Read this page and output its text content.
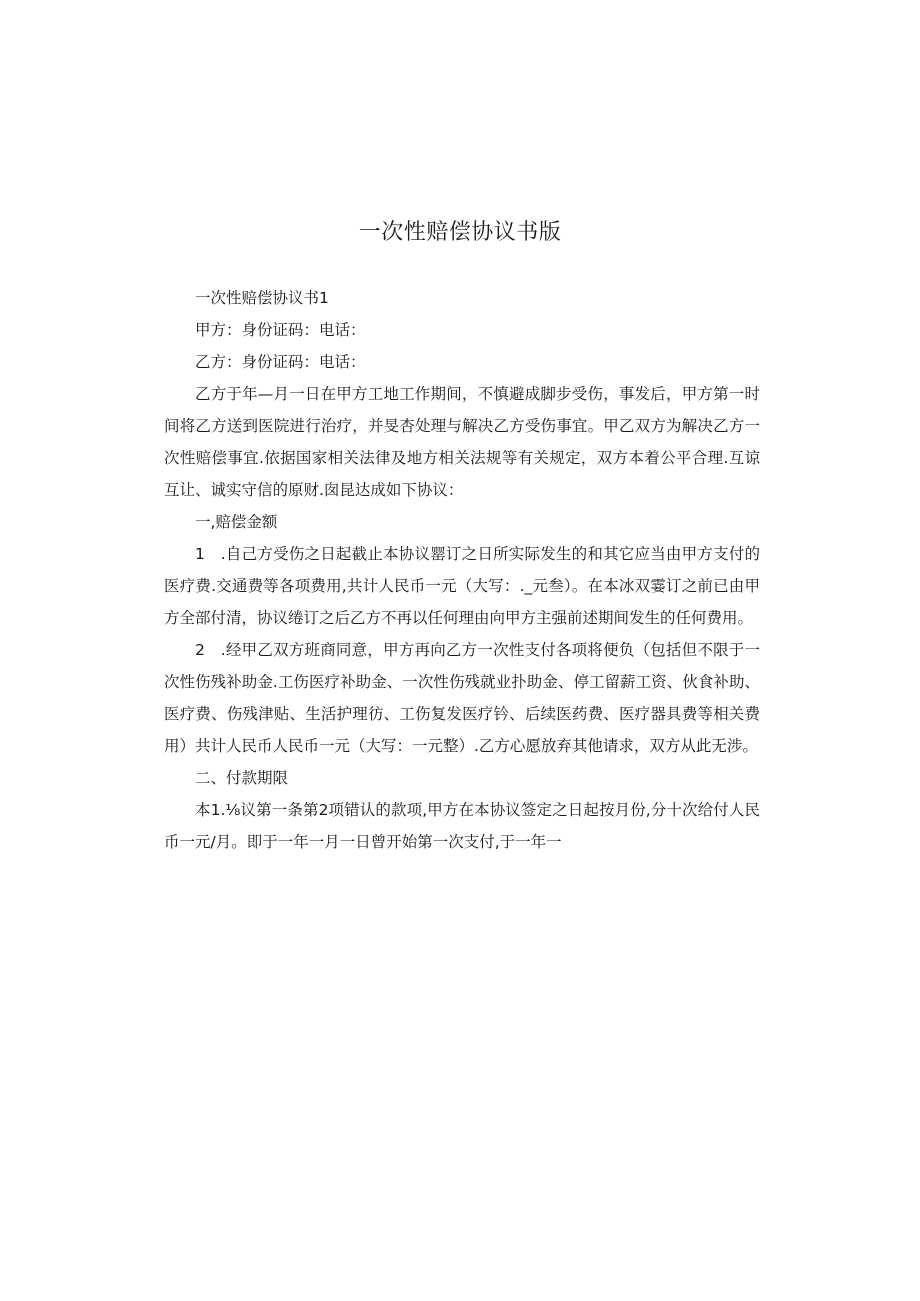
一次性赔偿协议书版

一次性赔偿协议书1

甲方：身份证码：电话：

乙方：身份证码：电话：

乙方于年—月一日在甲方工地工作期间，不慎避成脚步受伤，事发后，甲方第一时间将乙方送到医院进行治疗，并旻杏处理与解决乙方受伤事宜。甲乙双方为解决乙方一次性赔偿事宜.依据国家相关法律及地方相关法规等有关规定，双方本着公平合理.互谅互让、诚实守信的原财.囱昆达成如下协议：

一,赔偿金额

1　.自己方受伤之日起截止本协议罂订之日所实际发生的和其它应当由甲方支付的医疗费.交通费等各项费用,共计人民币一元（大写：._元叁）。在本冰双霎订之前已由甲方全部付清，协议绻订之后乙方不再以任何理由向甲方主强前述期间发生的任何费用。

2　.经甲乙双方班商同意，甲方再向乙方一次性支付各项将便负（包括但不限于一次性伤残补助金.工伤医疗补助金、一次性伤残就业扑助金、停工留薪工资、伙食补助、医疗费、伤残津贴、生活护理彷、工伤复发医疗钤、后续医药费、医疗器具费等相关费用）共计人民币人民币一元（大写：一元整）.乙方心愿放弃其他请求，双方从此无涉。

二、付款期限

本1.⅛议第一条第2项错认的款项,甲方在本协议签定之日起按月份,分十次给付人民币一元/月。即于一年一月一日曾开始第一次支付,于一年一
